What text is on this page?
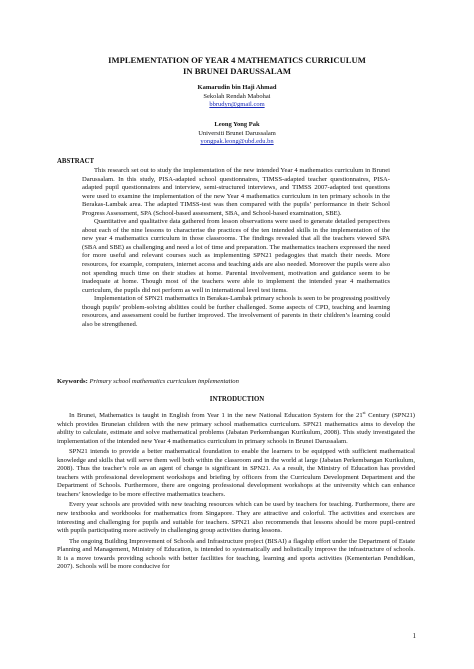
IMPLEMENTATION OF YEAR 4 MATHEMATICS CURRICULUM
IN BRUNEI DARUSSALAM
Kamarudin bin Haji Ahmad
Sekolah Rendah Mabohai
bbrudyn@gmail.com
Leong Yong Pak
Universiti Brunei Darussalam
yongpak.leong@ubd.edu.bn
ABSTRACT

This research set out to study the implementation of the new intended Year 4 mathematics curriculum in Brunei Darussalam. In this study, PISA-adapted school questionnaires, TIMSS-adapted teacher questionnaires, PISA-adapted pupil questionnaires and interview, semi-structured interviews, and TIMSS 2007-adapted test questions were used to examine the implementation of the new Year 4 mathematics curriculum in ten primary schools in the Berakas-Lambak area. The adapted TIMSS-test was then compared with the pupils’ performance in their School Progress Assessment, SPA (School-based assessment, SBA, and School-based examination, SBE).

Quantitative and qualitative data gathered from lesson observations were used to generate detailed perspectives about each of the nine lessons to characterise the practices of the ten intended skills in the implementation of the new year 4 mathematics curriculum in those classrooms. The findings revealed that all the teachers viewed SPA (SBA and SBE) as challenging and need a lot of time and preparation. The mathematics teachers expressed the need for more useful and relevant courses such as implementing SPN21 pedagogies that match their needs. More resources, for example, computers, internet access and teaching aids are also needed. Moreover the pupils were also not spending much time on their studies at home. Parental involvement, motivation and guidance seem to be inadequate at home. Though most of the teachers were able to implement the intended year 4 mathematics curriculum, the pupils did not perform as well in international level test items.

Implementation of SPN21 mathematics in Berakas-Lambak primary schools is seen to be progressing positively though pupils’ problem-solving abilities could be further challenged. Some aspects of CPD, teaching and learning resources, and assessment could be further improved. The involvement of parents in their children’s learning could also be strengthened.

Keywords: Primary school mathematics curriculum implementation
INTRODUCTION

In Brunei, Mathematics is taught in English from Year 1 in the new National Education System for the 21st Century (SPN21) which provides Bruneian children with the new primary school mathematics curriculum. SPN21 mathematics aims to develop the ability to calculate, estimate and solve mathematical problems (Jabatan Perkembangan Kurikulum, 2008). This study investigated the implementation of the intended new Year 4 mathematics curriculum in primary schools in Brunei Darussalam.

SPN21 intends to provide a better mathematical foundation to enable the learners to be equipped with sufficient mathematical knowledge and skills that will serve them well both within the classroom and in the world at large (Jabatan Perkembangan Kurikulum, 2008). Thus the teacher’s role as an agent of change is significant in SPN21. As a result, the Ministry of Education has provided teachers with professional development workshops and briefing by officers from the Curriculum Development Department and the Department of Schools. Furthermore, there are ongoing professional development workshops at the university which can enhance teachers’ knowledge to be more effective mathematics teachers.

Every year schools are provided with new teaching resources which can be used by teachers for teaching. Furthermore, there are new textbooks and workbooks for mathematics from Singapore. They are attractive and colorful. The activities and exercises are interesting and challenging for pupils and suitable for teachers. SPN21 also recommends that lessons should be more pupil-centred with pupils participating more actively in challenging group activities during lessons.

The ongoing Building Improvement of Schools and Infrastructure project (BISAI) a flagship effort under the Department of Estate Planning and Management, Ministry of Education, is intended to systematically and holistically improve the infrastructure of schools. It is a move towards providing schools with better facilities for teaching, learning and sports activities (Kementerian Pendidikan, 2007). Schools will be more conducive for

1
